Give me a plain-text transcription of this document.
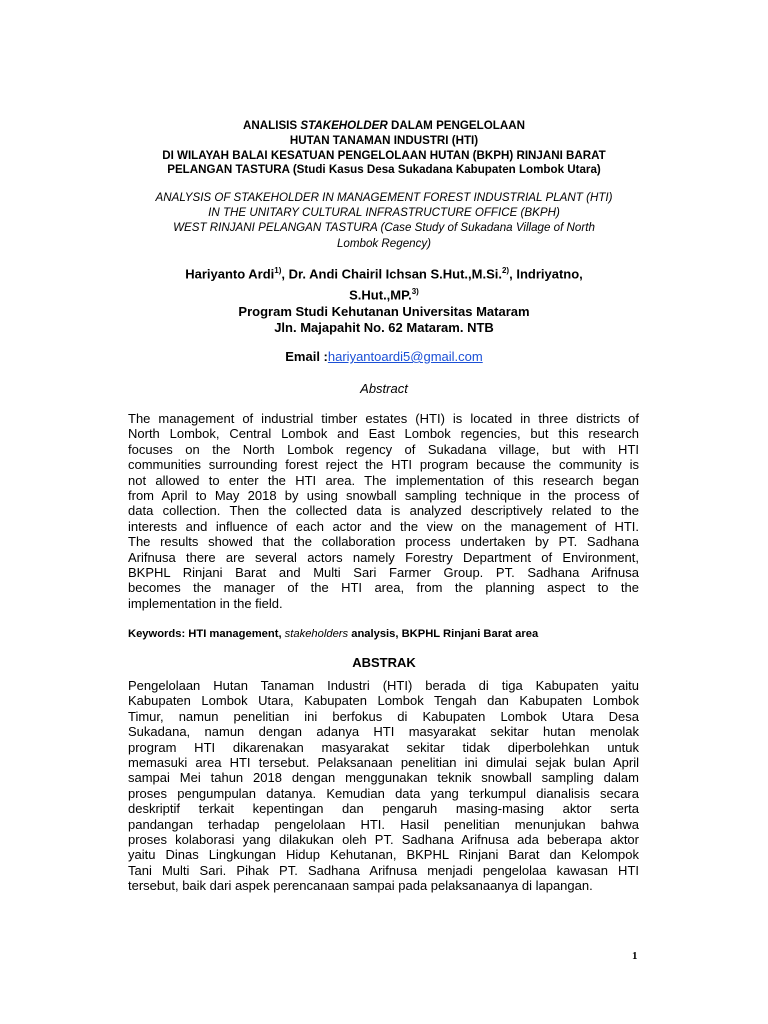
ANALISIS STAKEHOLDER DALAM PENGELOLAAN
HUTAN TANAMAN INDUSTRI (HTI)
DI WILAYAH BALAI KESATUAN PENGELOLAAN HUTAN (BKPH) RINJANI BARAT
PELANGAN TASTURA (Studi Kasus Desa Sukadana Kabupaten Lombok Utara)
ANALYSIS OF STAKEHOLDER IN MANAGEMENT FOREST INDUSTRIAL PLANT (HTI)
IN THE UNITARY CULTURAL INFRASTRUCTURE OFFICE (BKPH)
WEST RINJANI PELANGAN TASTURA (Case Study of Sukadana Village of North
Lombok Regency)
Hariyanto Ardi$^{1)}$, Dr. Andi Chairil Ichsan S.Hut.,M.Si.$^{2)}$, Indriyatno,
S.Hut.,MP.$^{3)}$
Program Studi Kehutanan Universitas Mataram
Jln. Majapahit No. 62 Mataram. NTB
Email :hariyantoardi5@gmail.com
Abstract
The management of industrial timber estates (HTI) is located in three districts of
North Lombok, Central Lombok and East Lombok regencies, but this research
focuses on the North Lombok regency of Sukadana village, but with HTI
communities surrounding forest reject the HTI program because the community is
not allowed to enter the HTI area. The implementation of this research began
from April to May 2018 by using snowball sampling technique in the process of
data collection. Then the collected data is analyzed descriptively related to the
interests and influence of each actor and the view on the management of HTI.
The results showed that the collaboration process undertaken by PT. Sadhana
Arifnusa there are several actors namely Forestry Department of Environment,
BKPHL Rinjani Barat and Multi Sari Farmer Group. PT. Sadhana Arifnusa
becomes the manager of the HTI area, from the planning aspect to the
implementation in the field.
Keywords: HTI management, stakeholders analysis, BKPHL Rinjani Barat area
ABSTRAK
Pengelolaan Hutan Tanaman Industri (HTI) berada di tiga Kabupaten yaitu
Kabupaten Lombok Utara, Kabupaten Lombok Tengah dan Kabupaten Lombok
Timur, namun penelitian ini berfokus di Kabupaten Lombok Utara Desa
Sukadana, namun dengan adanya HTI masyarakat sekitar hutan menolak
program HTI dikarenakan masyarakat sekitar tidak diperbolehkan untuk
memasuki area HTI tersebut. Pelaksanaan penelitian ini dimulai sejak bulan April
sampai Mei tahun 2018 dengan menggunakan teknik snowball sampling dalam
proses pengumpulan datanya. Kemudian data yang terkumpul dianalisis secara
deskriptif terkait kepentingan dan pengaruh masing-masing aktor serta
pandangan terhadap pengelolaan HTI. Hasil penelitian menunjukan bahwa
proses kolaborasi yang dilakukan oleh PT. Sadhana Arifnusa ada beberapa aktor
yaitu Dinas Lingkungan Hidup Kehutanan, BKPHL Rinjani Barat dan Kelompok
Tani Multi Sari. Pihak PT. Sadhana Arifnusa menjadi pengelolaa kawasan HTI
tersebut, baik dari aspek perencanaan sampai pada pelaksanaanya di lapangan.
1
